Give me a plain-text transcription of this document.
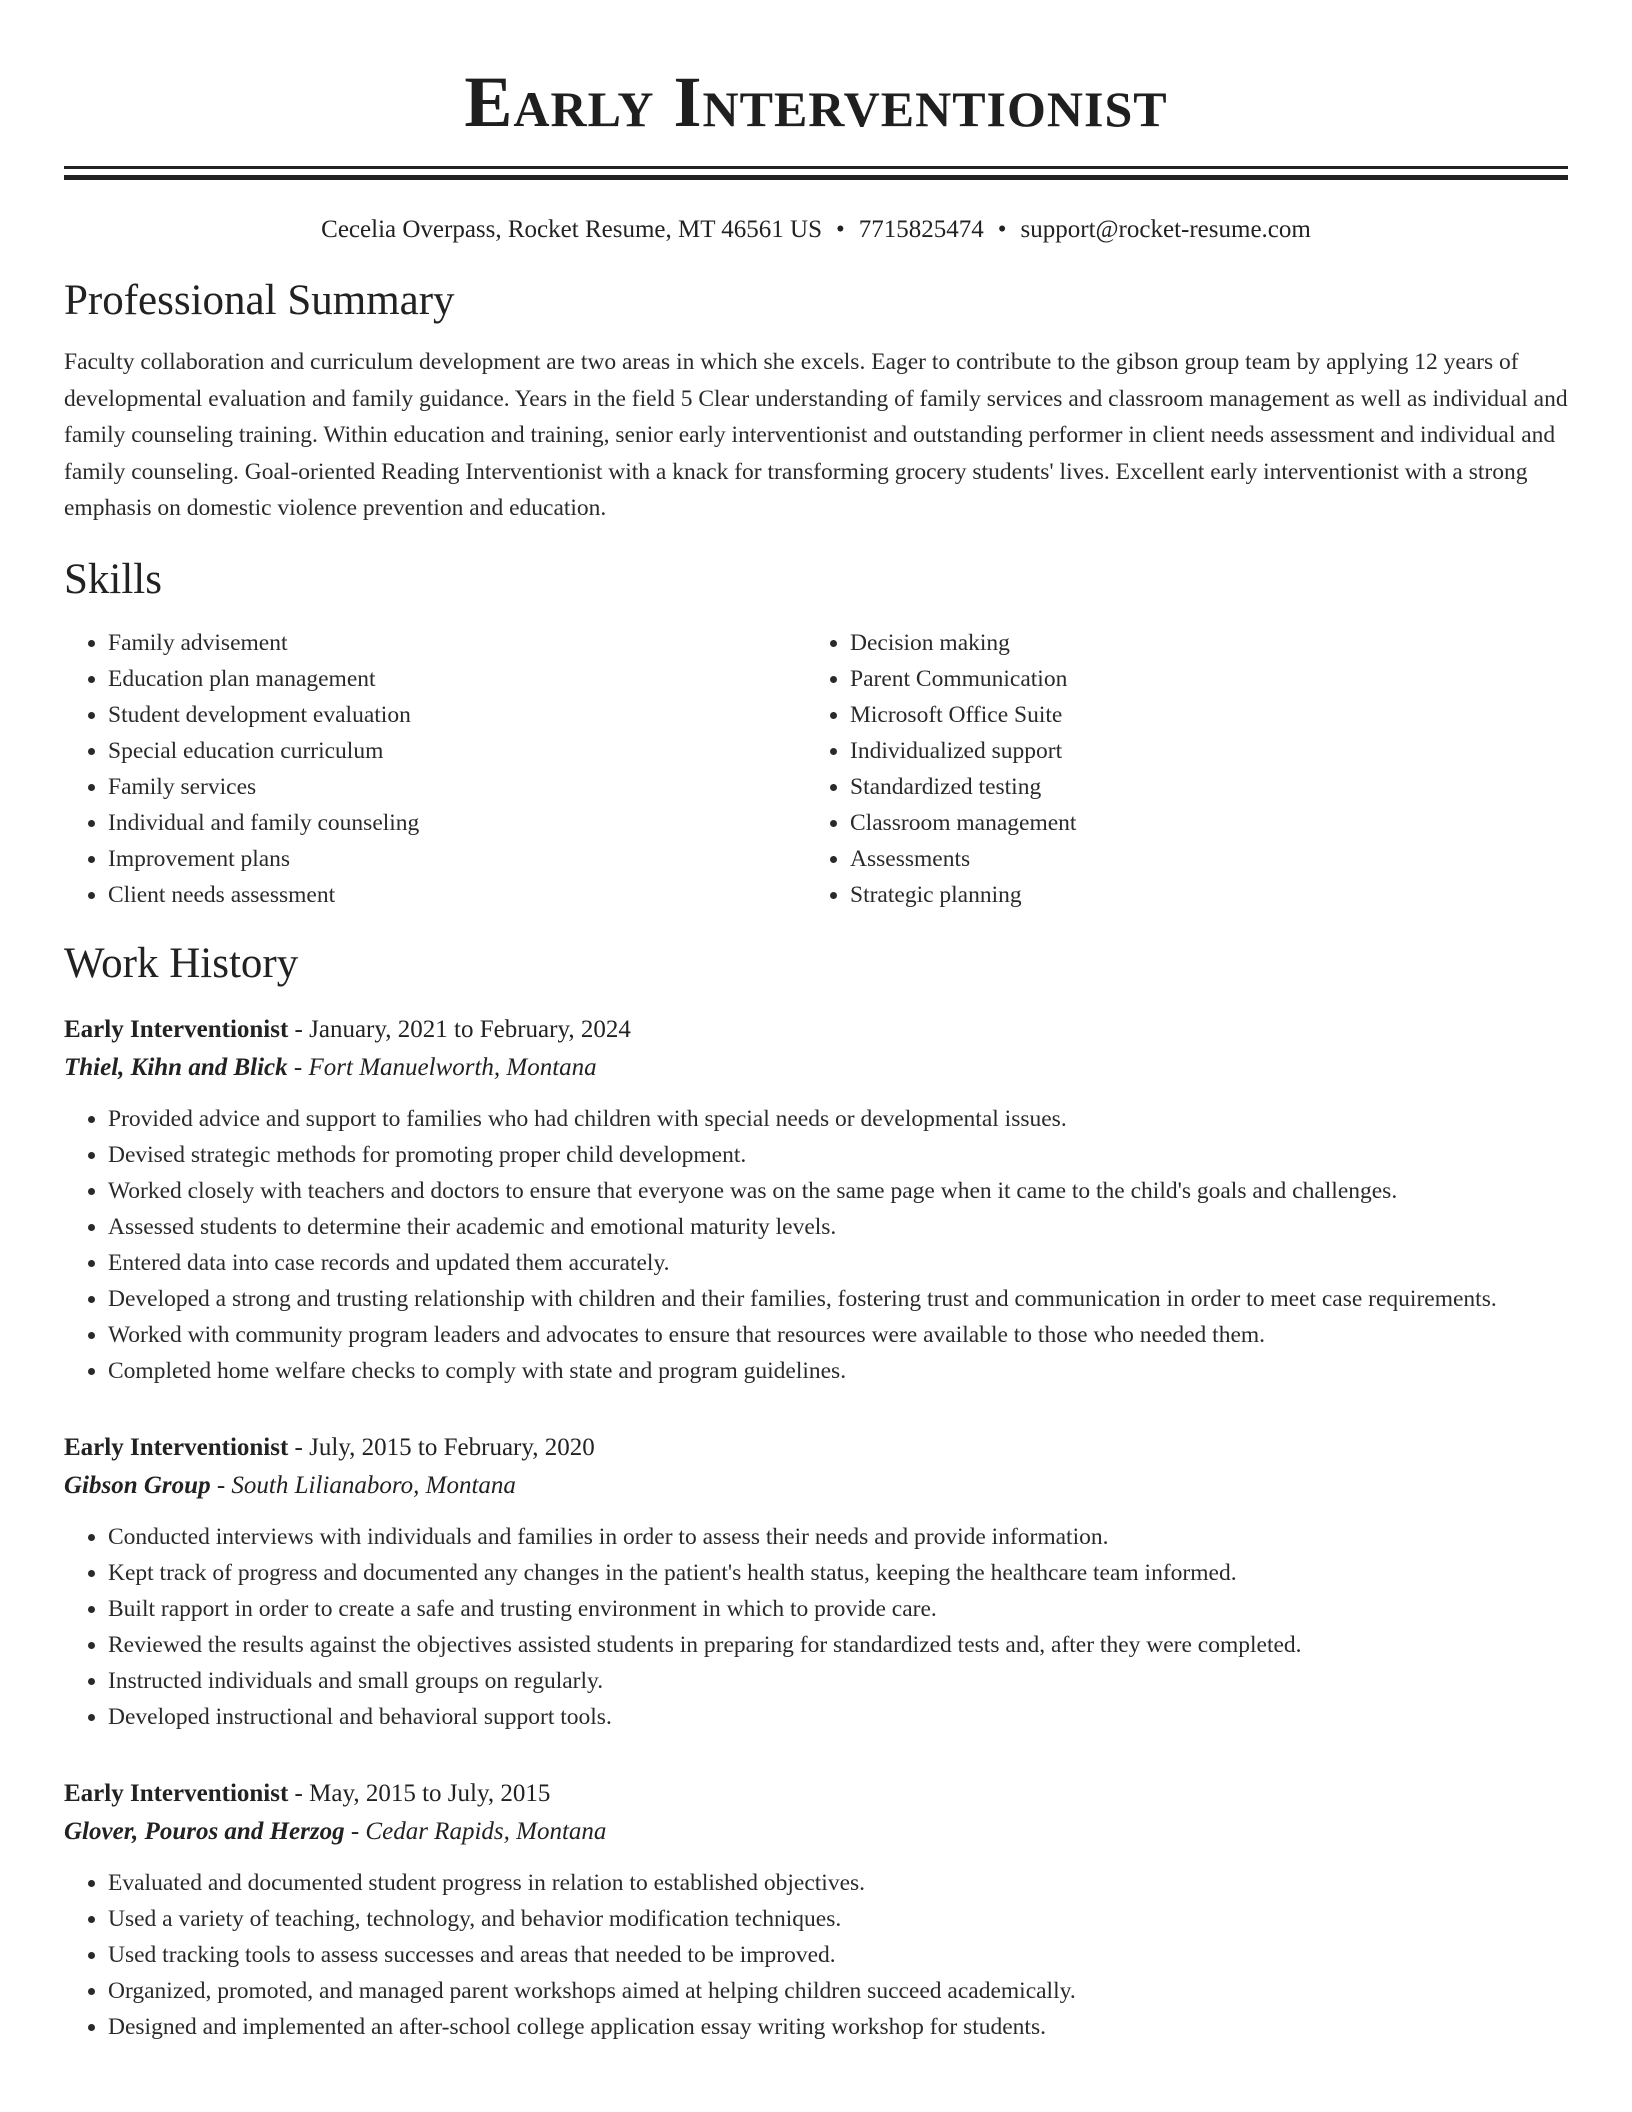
Early Interventionist
Cecelia Overpass, Rocket Resume, MT 46561 US • 7715825474 • support@rocket-resume.com
Professional Summary

Faculty collaboration and curriculum development are two areas in which she excels. Eager to contribute to the gibson group team by applying 12 years of developmental evaluation and family guidance. Years in the field 5 Clear understanding of family services and classroom management as well as individual and family counseling training. Within education and training, senior early interventionist and outstanding performer in client needs assessment and individual and family counseling. Goal-oriented Reading Interventionist with a knack for transforming grocery students' lives. Excellent early interventionist with a strong emphasis on domestic violence prevention and education.

Skills
• Family advisement
• Education plan management
• Student development evaluation
• Special education curriculum
• Family services
• Individual and family counseling
• Improvement plans
• Client needs assessment
• Decision making
• Parent Communication
• Microsoft Office Suite
• Individualized support
• Standardized testing
• Classroom management
• Assessments
• Strategic planning
Work History
Early Interventionist - January, 2021 to February, 2024
Thiel, Kihn and Blick - Fort Manuelworth, Montana
• Provided advice and support to families who had children with special needs or developmental issues.
• Devised strategic methods for promoting proper child development.
• Worked closely with teachers and doctors to ensure that everyone was on the same page when it came to the child's goals and challenges.
• Assessed students to determine their academic and emotional maturity levels.
• Entered data into case records and updated them accurately.
• Developed a strong and trusting relationship with children and their families, fostering trust and communication in order to meet case requirements.
• Worked with community program leaders and advocates to ensure that resources were available to those who needed them.
• Completed home welfare checks to comply with state and program guidelines.
Early Interventionist - July, 2015 to February, 2020
Gibson Group - South Lilianaboro, Montana
• Conducted interviews with individuals and families in order to assess their needs and provide information.
• Kept track of progress and documented any changes in the patient's health status, keeping the healthcare team informed.
• Built rapport in order to create a safe and trusting environment in which to provide care.
• Reviewed the results against the objectives assisted students in preparing for standardized tests and, after they were completed.
• Instructed individuals and small groups on regularly.
• Developed instructional and behavioral support tools.
Early Interventionist - May, 2015 to July, 2015
Glover, Pouros and Herzog - Cedar Rapids, Montana
• Evaluated and documented student progress in relation to established objectives.
• Used a variety of teaching, technology, and behavior modification techniques.
• Used tracking tools to assess successes and areas that needed to be improved.
• Organized, promoted, and managed parent workshops aimed at helping children succeed academically.
• Designed and implemented an after-school college application essay writing workshop for students.
